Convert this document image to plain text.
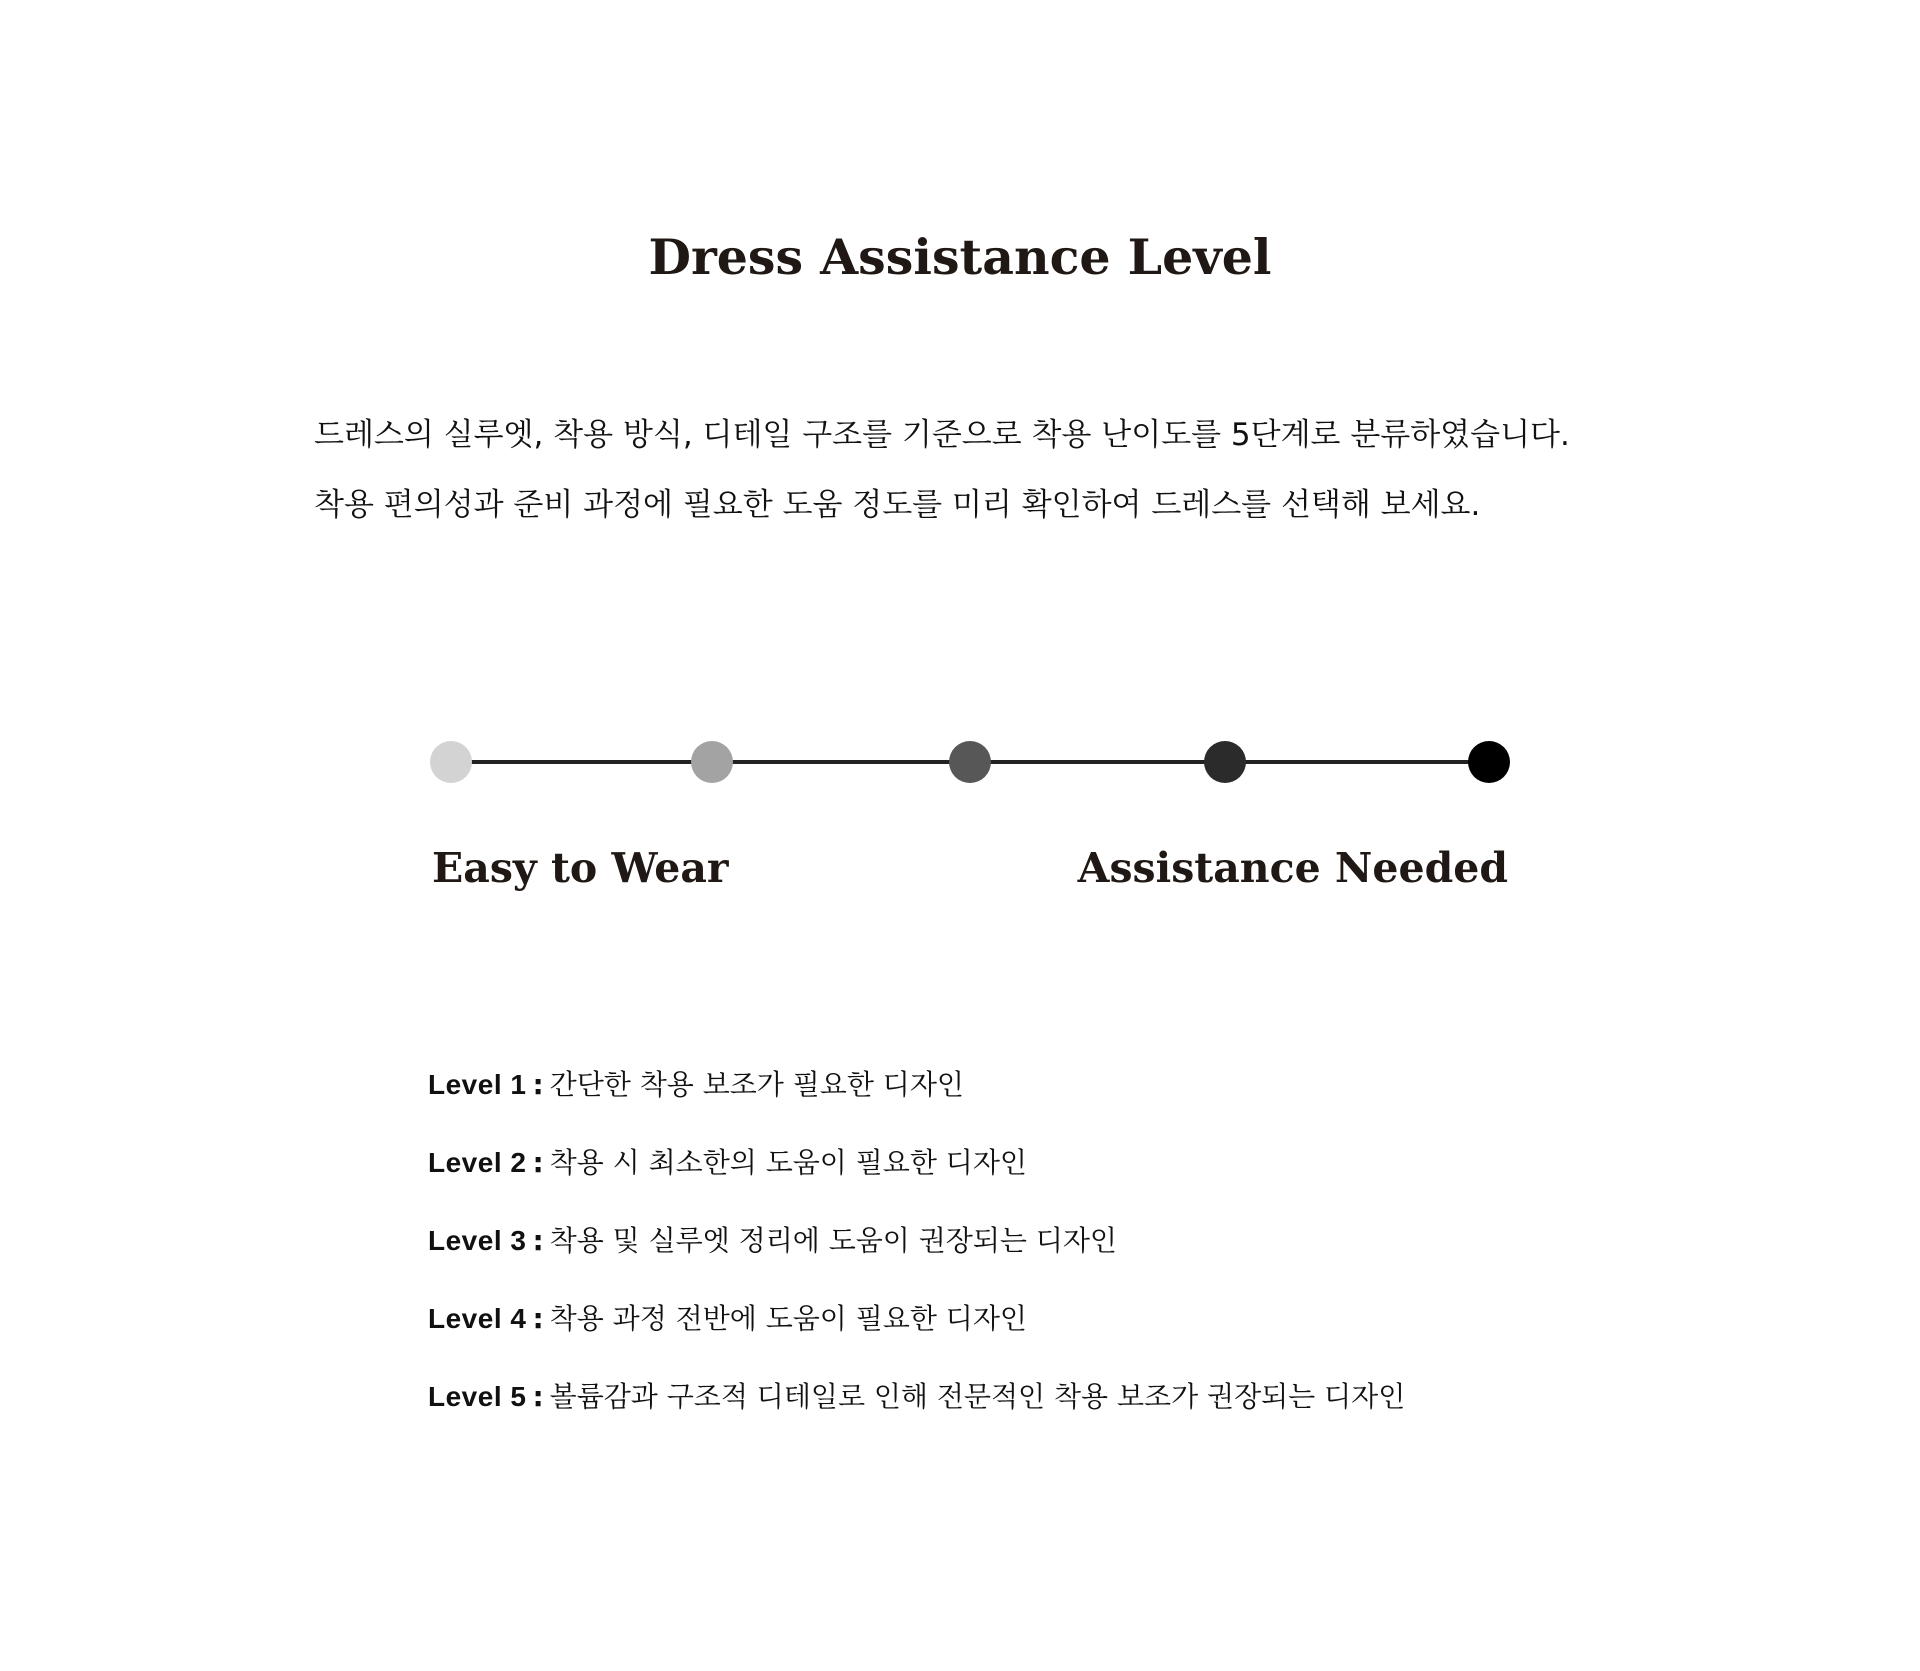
Dress Assistance Level

드레스의 실루엣, 착용 방식, 디테일 구조를 기준으로 착용 난이도를 5단계로 분류하였습니다.

착용 편의성과 준비 과정에 필요한 도움 정도를 미리 확인하여 드레스를 선택해 보세요.

Easy to Wear	Assistance Needed
Level 1 : 간단한 착용 보조가 필요한 디자인
Level 2 : 착용 시 최소한의 도움이 필요한 디자인
Level 3 : 착용 및 실루엣 정리에 도움이 권장되는 디자인
Level 4 : 착용 과정 전반에 도움이 필요한 디자인
Level 5 : 볼륨감과 구조적 디테일로 인해 전문적인 착용 보조가 권장되는 디자인
